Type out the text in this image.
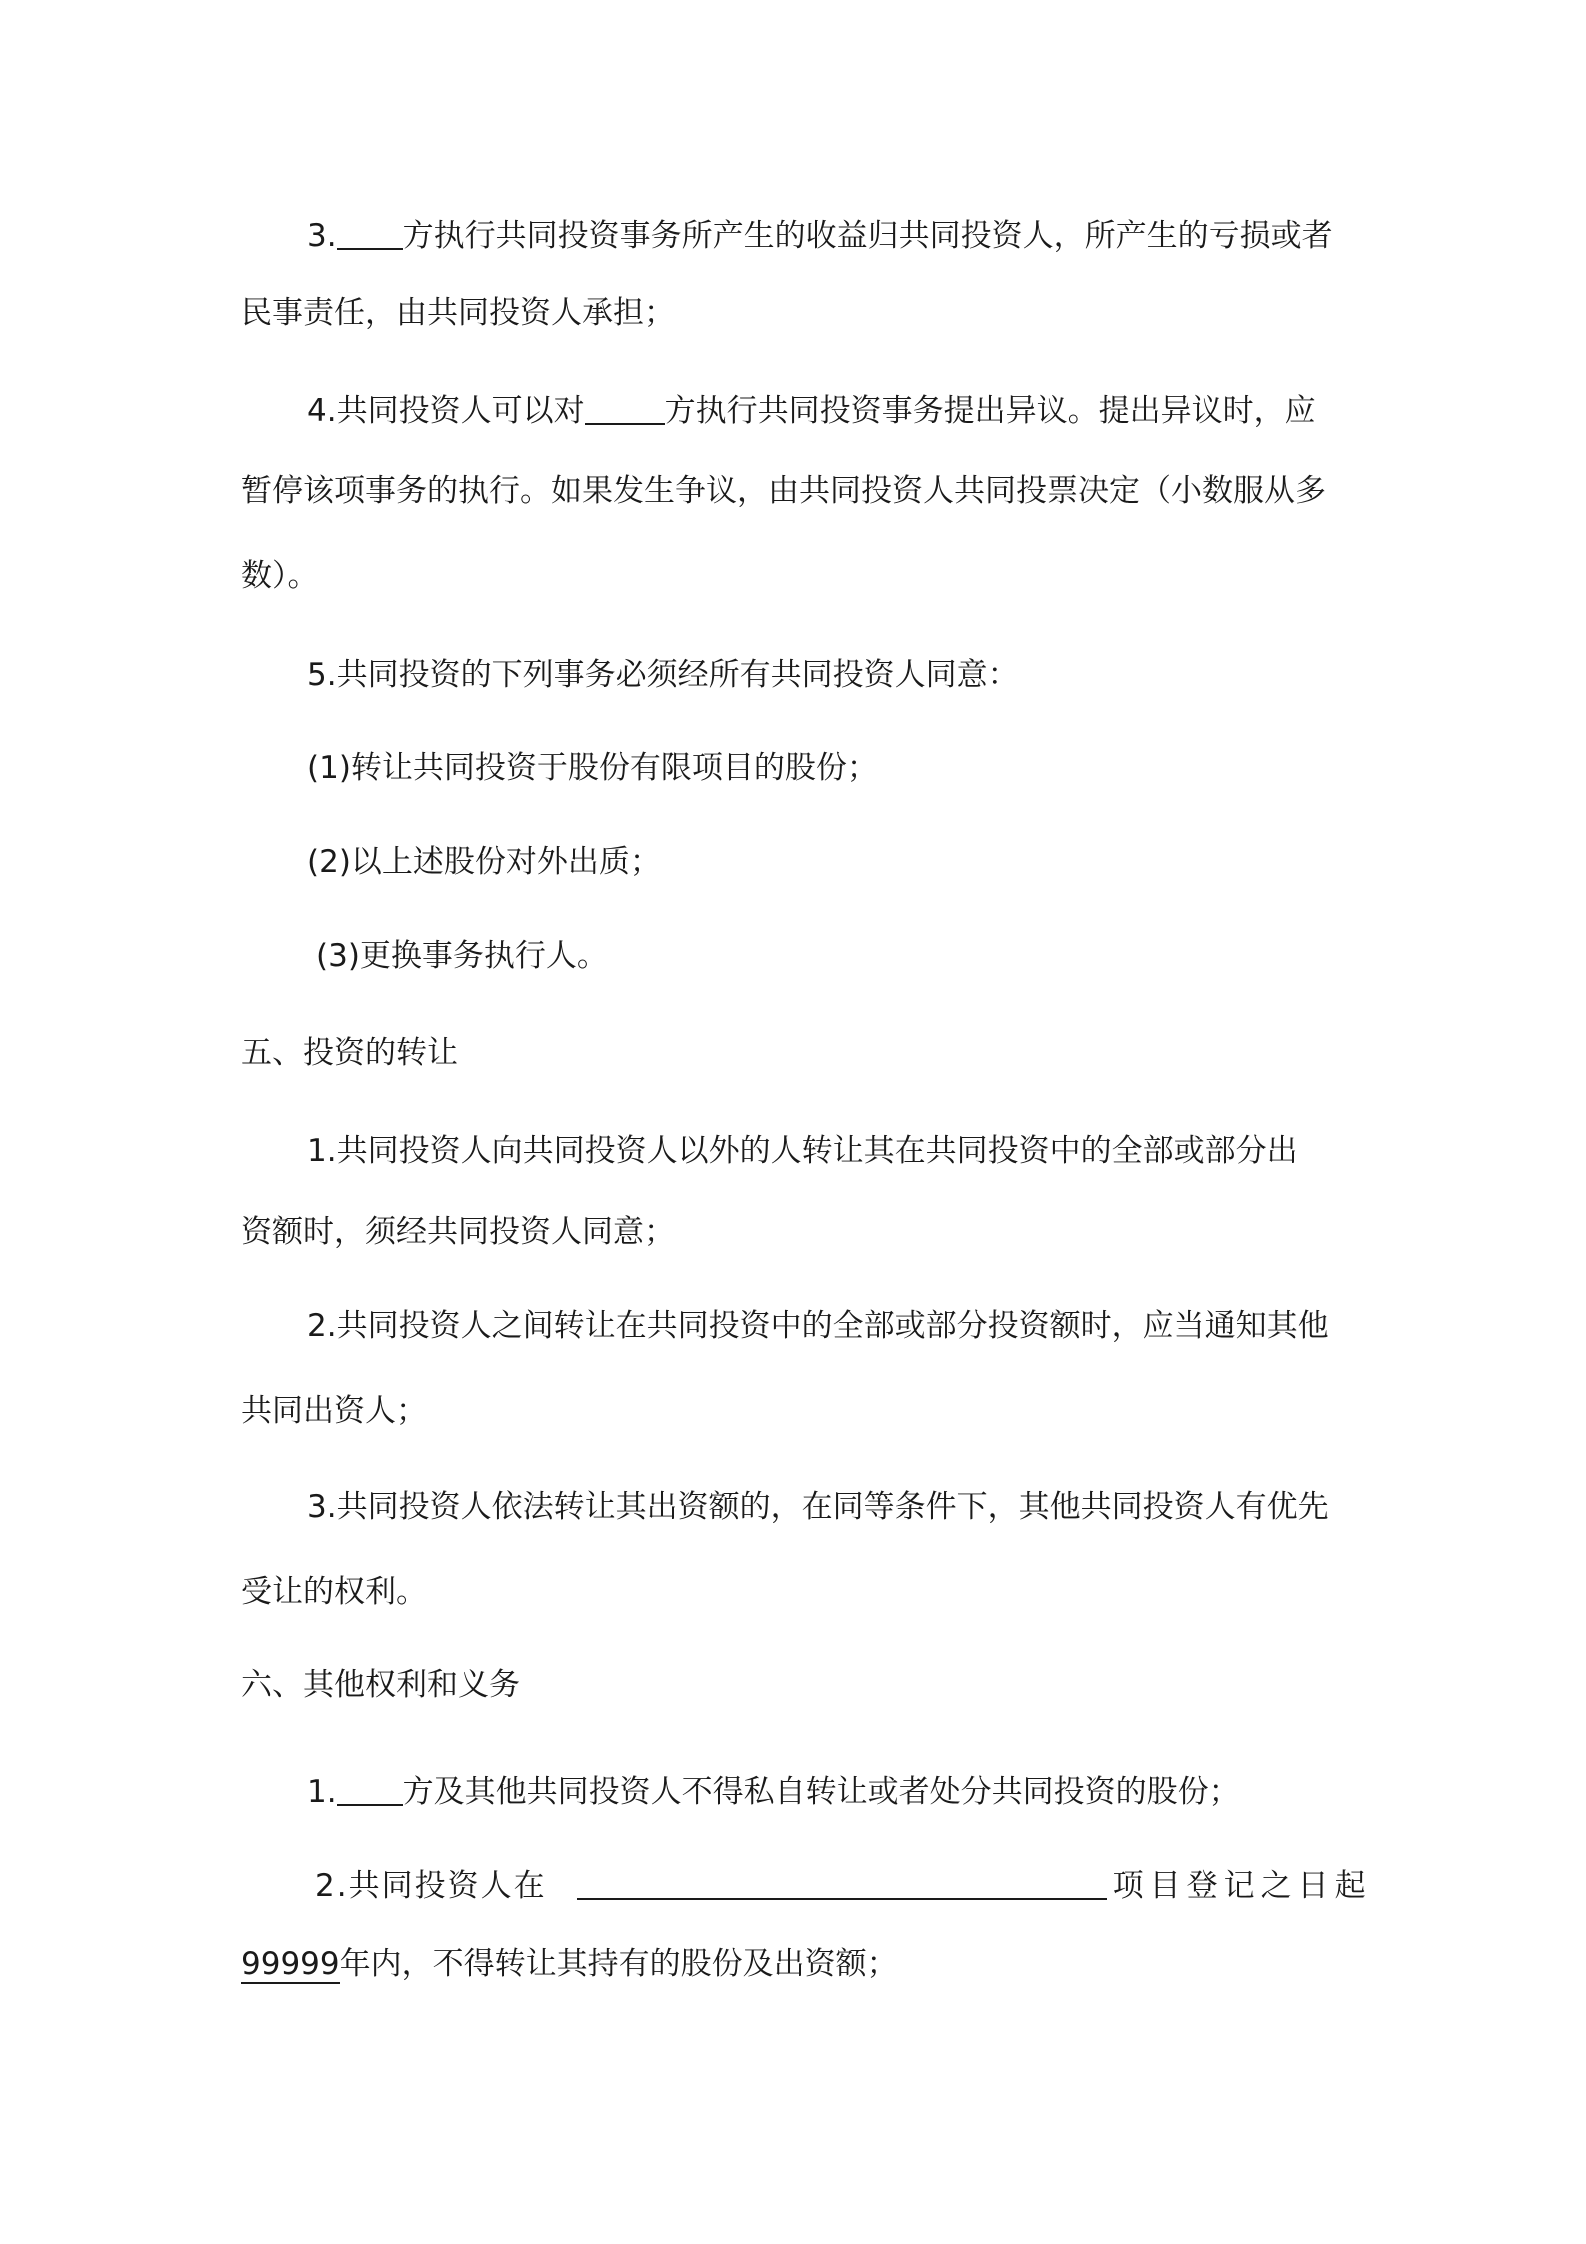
3. 方执行共同投资事务所产生的收益归共同投资人，所产生的亏损或者

民事责任，由共同投资人承担；

4.共同投资人可以对	方执行共同投资事务提出异议。提出异议时，应

暂停该项事务的执行。如果发生争议，由共同投资人共同投票决定（小数服从多

数）。

5.共同投资的下列事务必须经所有共同投资人同意：

(1)转让共同投资于股份有限项目的股份；

(2)以上述股份对外出质；

(3)更换事务执行人。

五、投资的转让

1.共同投资人向共同投资人以外的人转让其在共同投资中的全部或部分出

资额时，须经共同投资人同意；

2.共同投资人之间转让在共同投资中的全部或部分投资额时，应当通知其他

共同出资人；

3.共同投资人依法转让其出资额的，在同等条件下，其他共同投资人有优先

受让的权利。

六、其他权利和义务

1. 方及其他共同投资人不得私自转让或者处分共同投资的股份；

2.共同投资人在	项目登记之日起

99999年内，不得转让其持有的股份及出资额；
